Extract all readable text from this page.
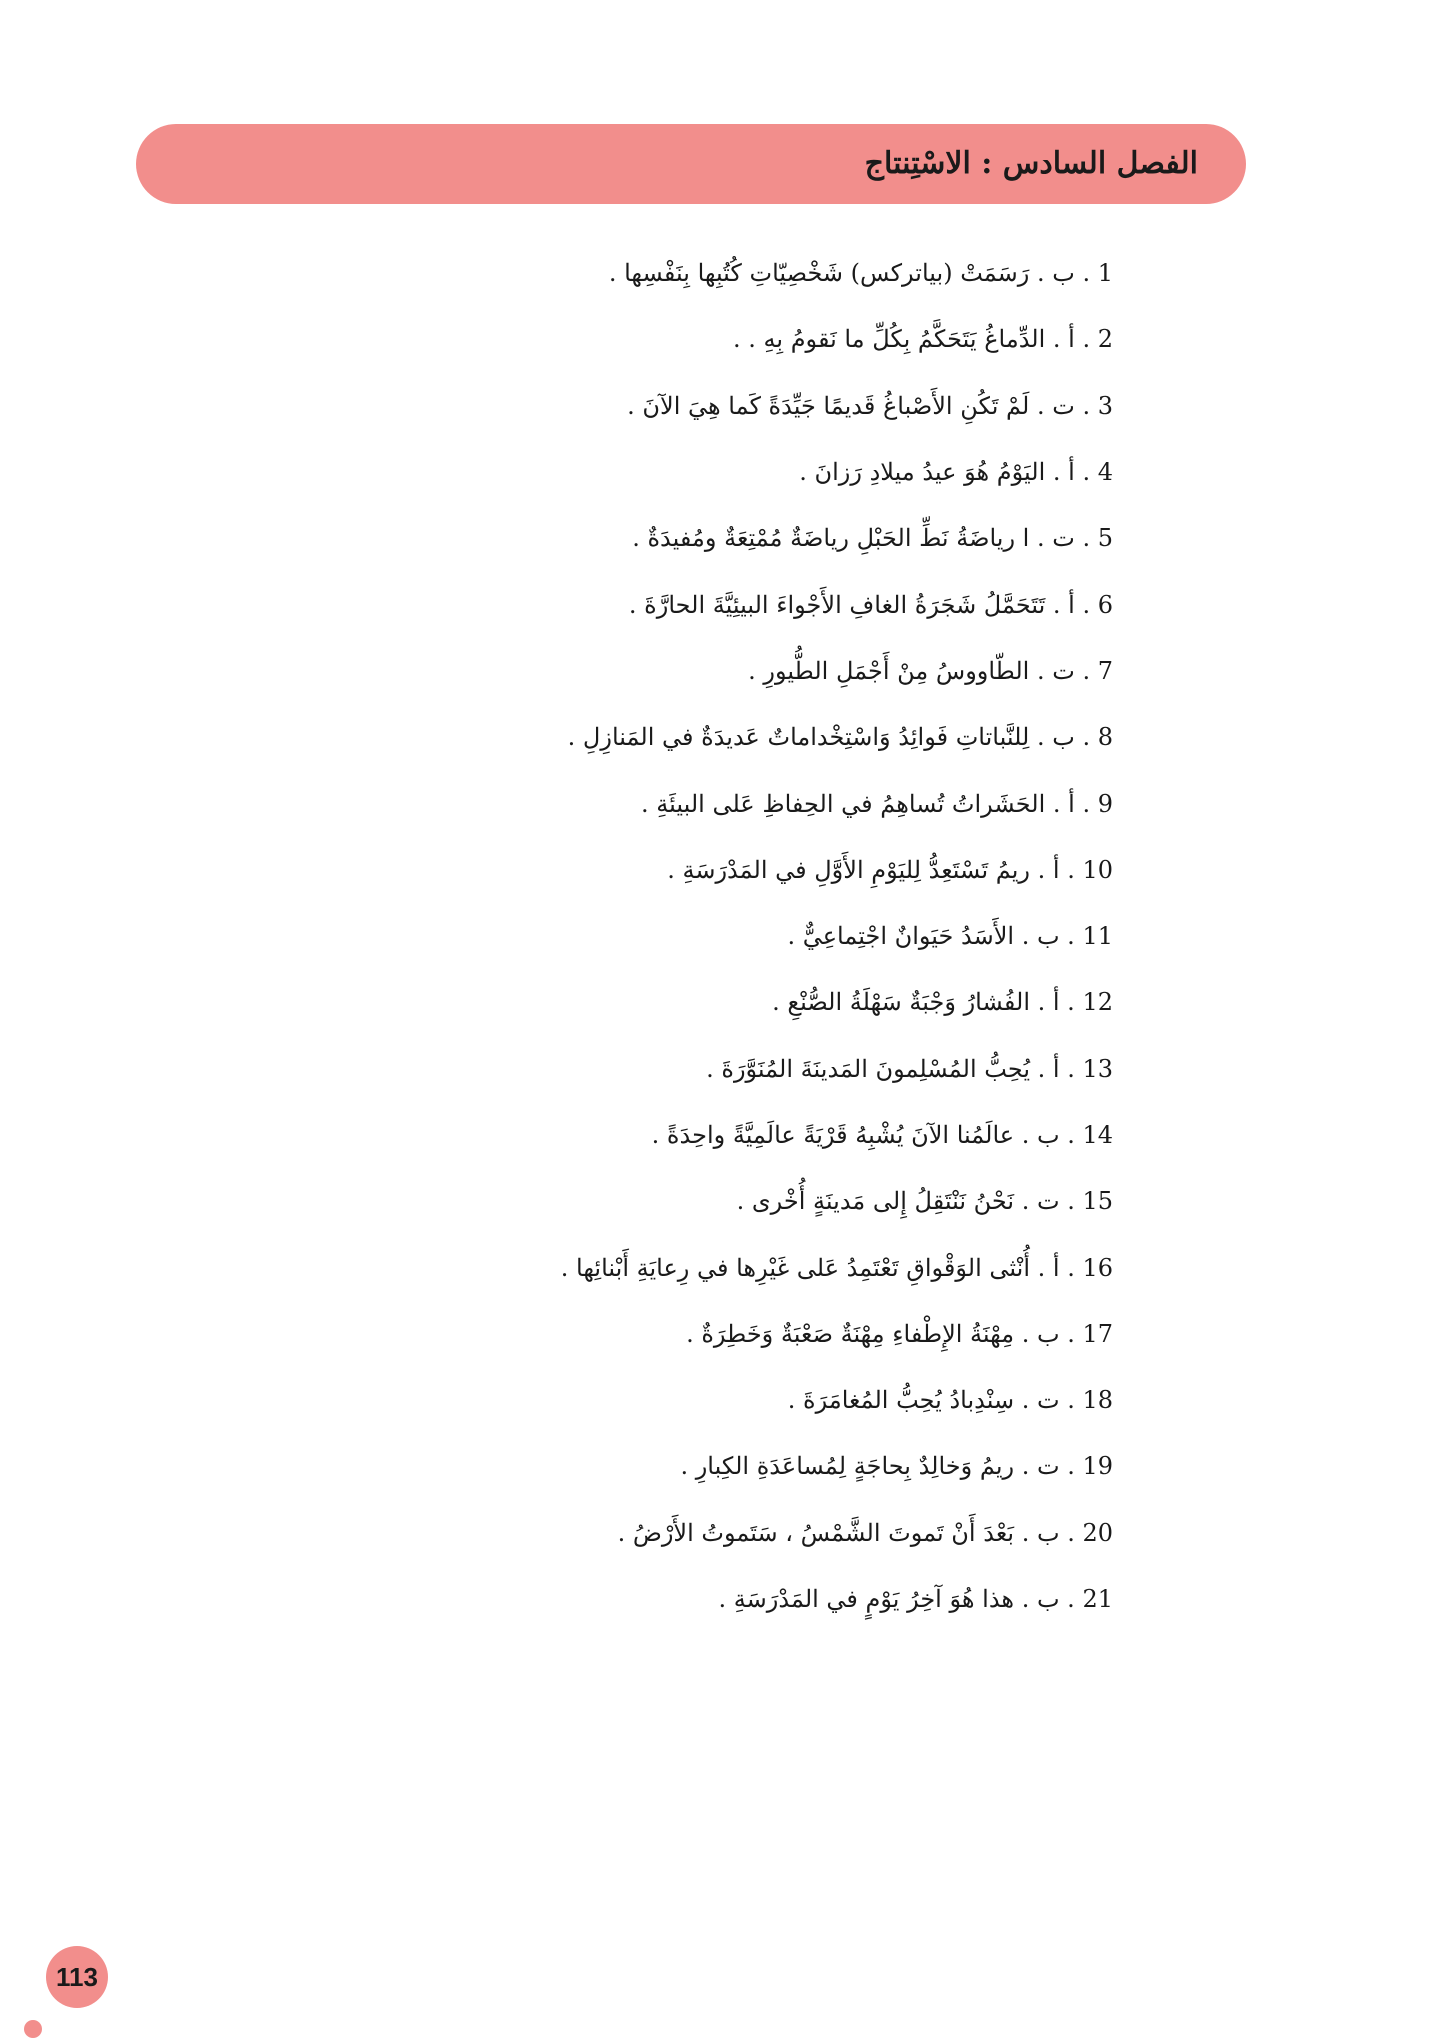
الفصل السادس : الاسْتِنتاج
1 . ب . رَسَمَتْ (بياتركس) شَخْصِيّاتِ كُتُبِها بِنَفْسِها .
2 . أ . الدِّماغُ يَتَحَكَّمُ بِكُلِّ ما نَقومُ بِهِ . .
3 . ت . لَمْ تَكُنِ الأَصْباغُ قَديمًا جَيِّدَةً كَما هِيَ الآنَ .
4 . أ . اليَوْمُ هُوَ عيدُ ميلادِ رَزانَ .
5 . ت . ا رياضَةُ نَطِّ الحَبْلِ رياضَةٌ مُمْتِعَةٌ ومُفيدَةٌ .
6 . أ . تَتَحَمَّلُ شَجَرَةُ الغافِ الأَجْواءَ البيئِيَّةَ الحارَّةَ .
7 . ت . الطّاووسُ مِنْ أَجْمَلِ الطُّيورِ .
8 . ب . لِلنَّباتاتِ فَوائِدُ وَاسْتِخْداماتٌ عَديدَةٌ في المَنازِلِ .
9 . أ . الحَشَراتُ تُساهِمُ في الحِفاظِ عَلى البيئَةِ .
10 . أ . ريمُ تَسْتَعِدُّ لِليَوْمِ الأَوَّلِ في المَدْرَسَةِ .
11 . ب . الأَسَدُ حَيَوانٌ اجْتِماعِيٌّ .
12 . أ . الفُشارُ وَجْبَةٌ سَهْلَةُ الصُّنْعِ .
13 . أ . يُحِبُّ المُسْلِمونَ المَدينَةَ المُنَوَّرَةَ .
14 . ب . عالَمُنا الآنَ يُشْبِهُ قَرْيَةً عالَمِيَّةً واحِدَةً .
15 . ت . نَحْنُ نَنْتَقِلُ إِلى مَدينَةٍ أُخْرى .
16 . أ . أُنْثى الوَقْواقِ تَعْتَمِدُ عَلى غَيْرِها في رِعايَةِ أَبْنائِها .
17 . ب . مِهْنَةُ الإِطْفاءِ مِهْنَةٌ صَعْبَةٌ وَخَطِرَةٌ .
18 . ت . سِنْدِبادُ يُحِبُّ المُغامَرَةَ .
19 . ت . ريمُ وَخالِدٌ بِحاجَةٍ لِمُساعَدَةِ الكِبارِ .
20 . ب . بَعْدَ أَنْ تَموتَ الشَّمْسُ ، سَتَموتُ الأَرْضُ .
21 . ب . هذا هُوَ آخِرُ يَوْمٍ في المَدْرَسَةِ .
113
